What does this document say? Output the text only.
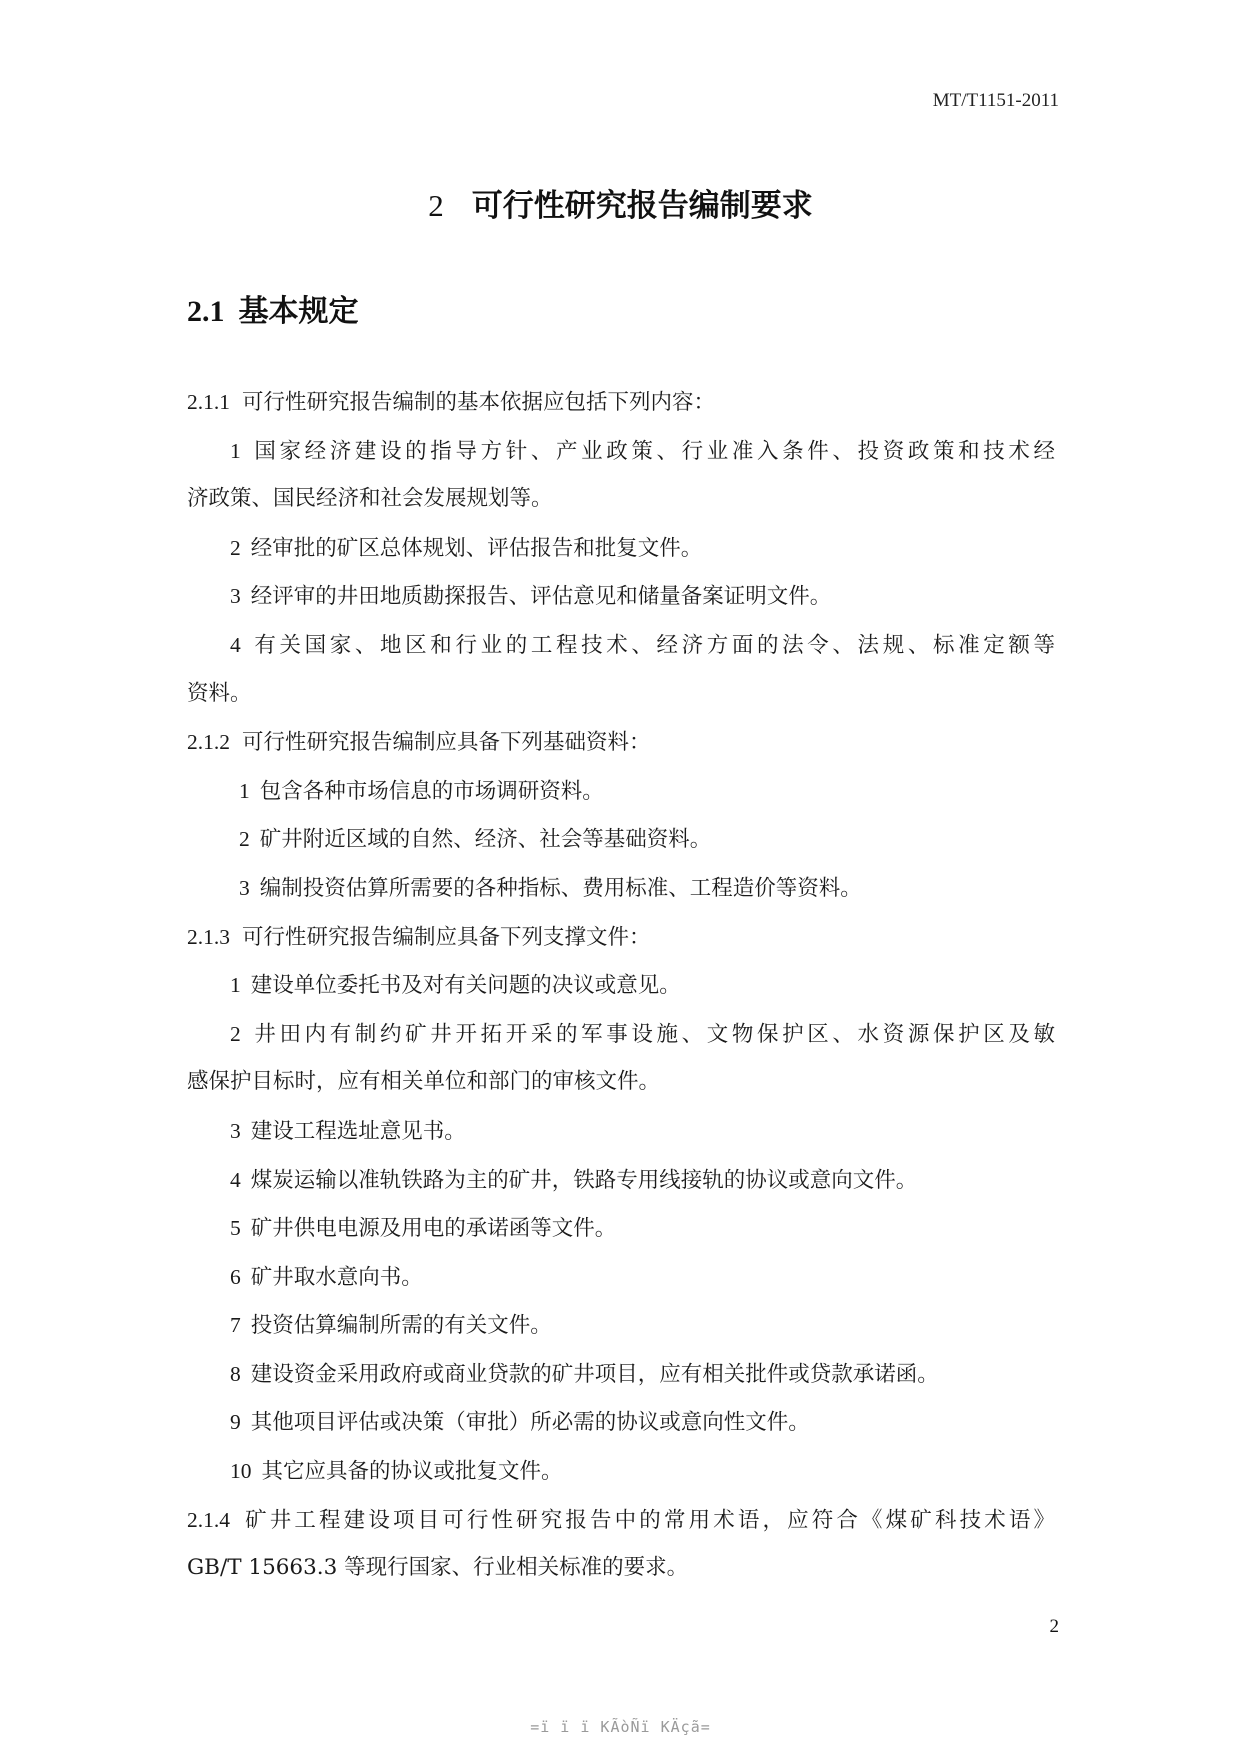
MT/T1151-2011
2 可行性研究报告编制要求
2.1 基本规定
2.1.1 可行性研究报告编制的基本依据应包括下列内容：
1 国家经济建设的指导方针、产业政策、行业准入条件、投资政策和技术经
济政策、国民经济和社会发展规划等。
2 经审批的矿区总体规划、评估报告和批复文件。
3 经评审的井田地质勘探报告、评估意见和储量备案证明文件。
4 有关国家、地区和行业的工程技术、经济方面的法令、法规、标准定额等
资料。
2.1.2 可行性研究报告编制应具备下列基础资料：
1 包含各种市场信息的市场调研资料。
2 矿井附近区域的自然、经济、社会等基础资料。
3 编制投资估算所需要的各种指标、费用标准、工程造价等资料。
2.1.3 可行性研究报告编制应具备下列支撑文件：
1 建设单位委托书及对有关问题的决议或意见。
2 井田内有制约矿井开拓开采的军事设施、文物保护区、水资源保护区及敏
感保护目标时，应有相关单位和部门的审核文件。
3 建设工程选址意见书。
4 煤炭运输以准轨铁路为主的矿井，铁路专用线接轨的协议或意向文件。
5 矿井供电电源及用电的承诺函等文件。
6 矿井取水意向书。
7 投资估算编制所需的有关文件。
8 建设资金采用政府或商业贷款的矿井项目，应有相关批件或贷款承诺函。
9 其他项目评估或决策（审批）所必需的协议或意向性文件。
10 其它应具备的协议或批复文件。
2.1.4 矿井工程建设项目可行性研究报告中的常用术语，应符合《煤矿科技术语》
GB/T 15663.3 等现行国家、行业相关标准的要求。
2
=ï ï ï KÃòÑï KÄçã=
